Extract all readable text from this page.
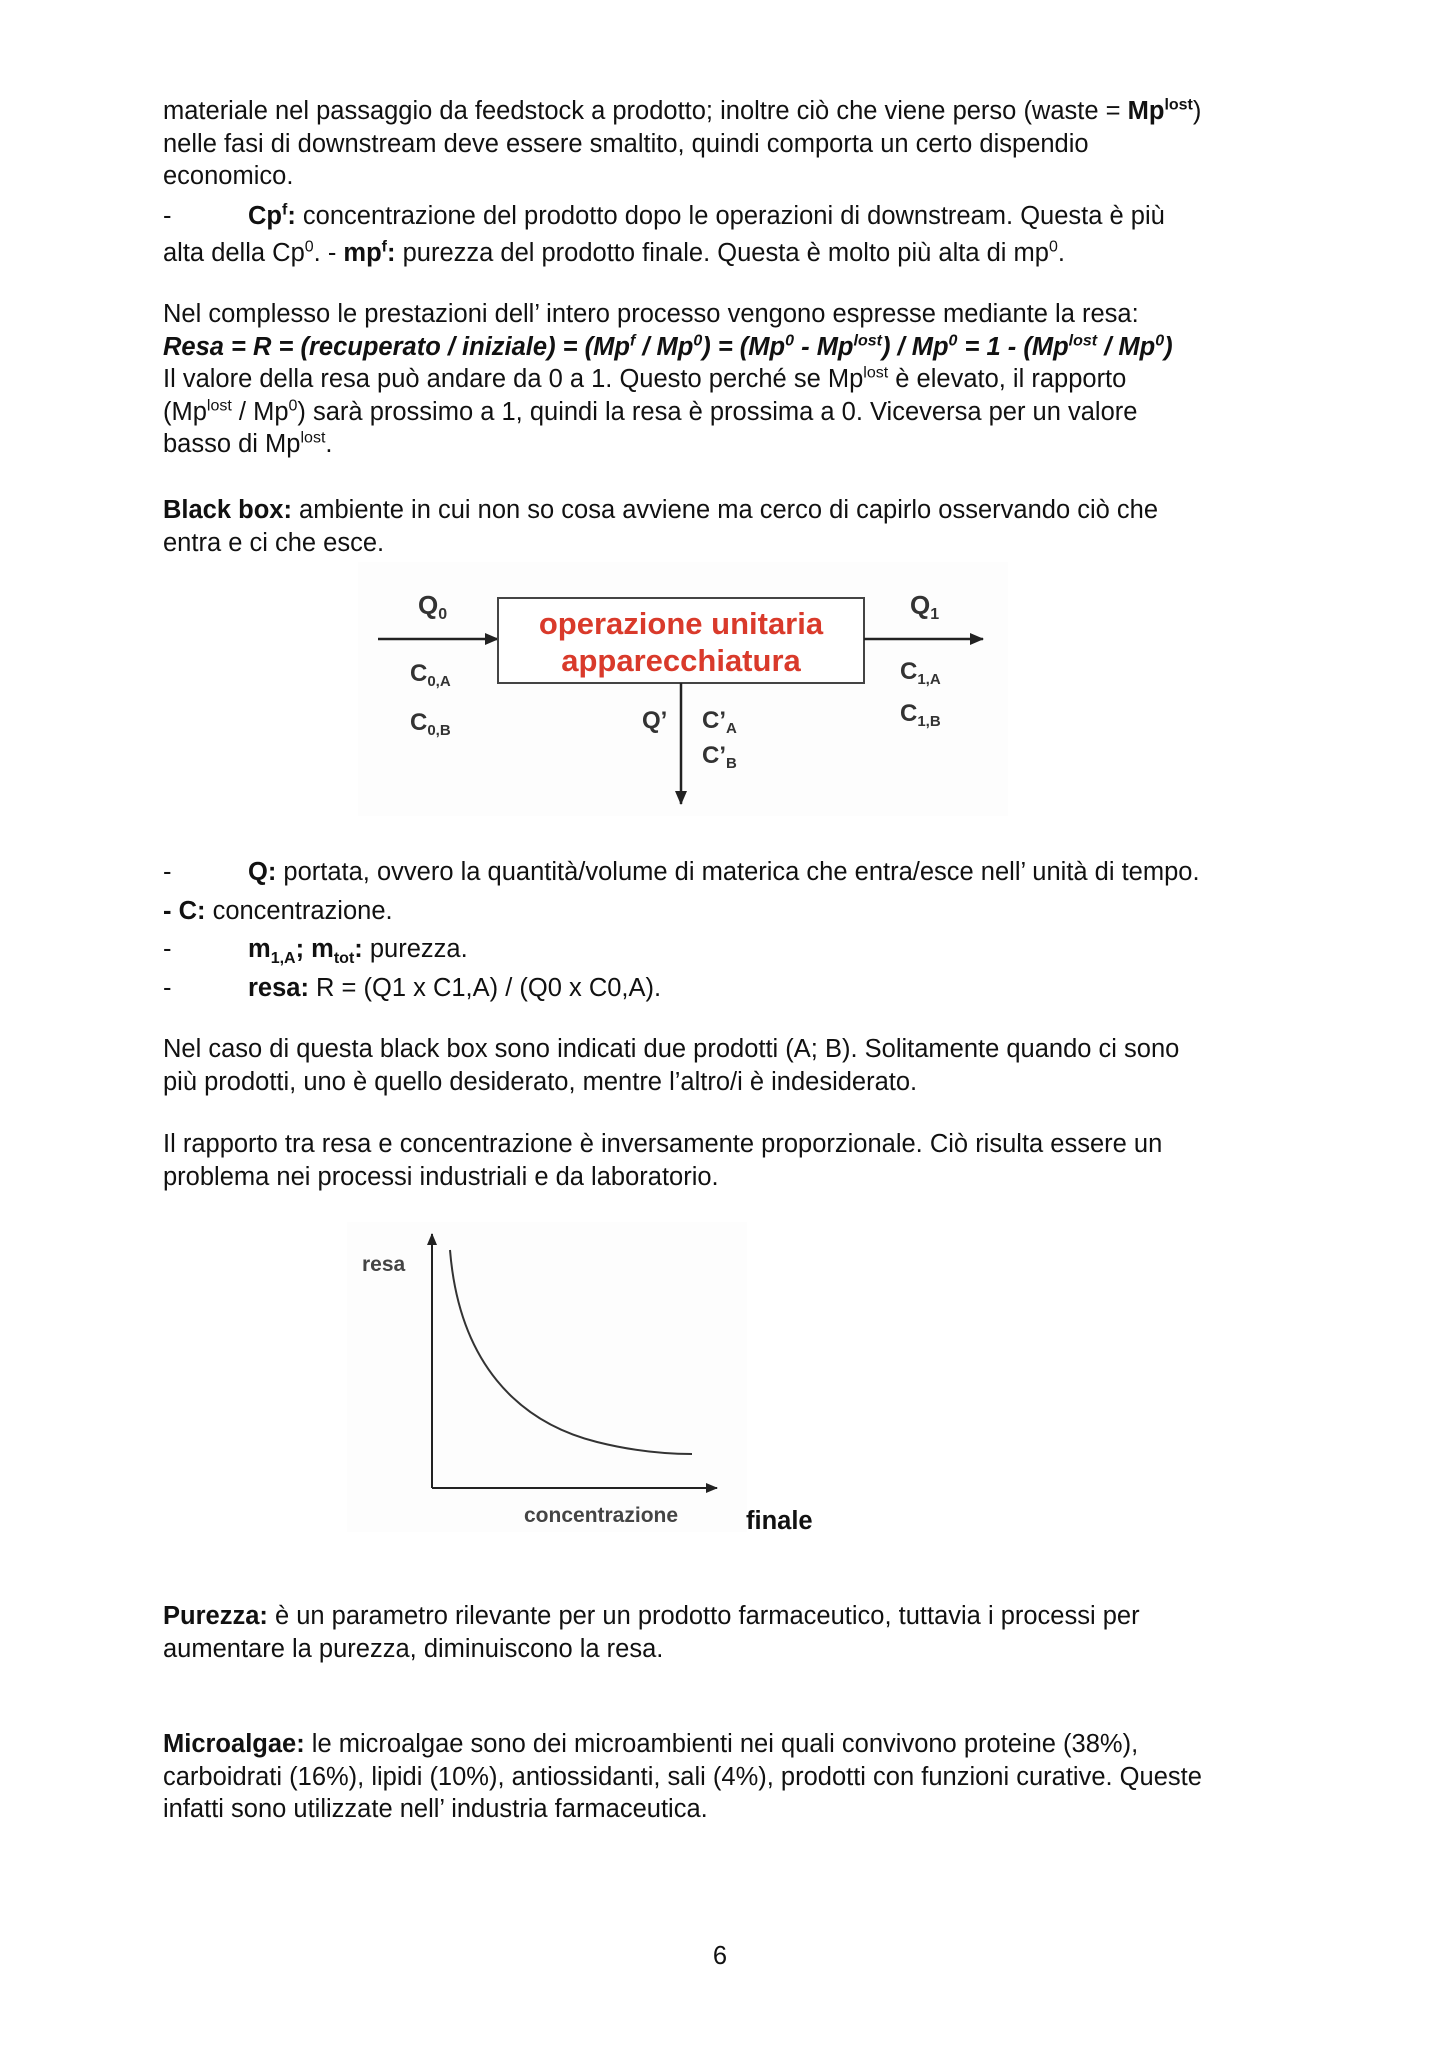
materiale nel passaggio da feedstock a prodotto; inoltre ciò che viene perso (waste = $Mp^{lost}$)
nelle fasi di downstream deve essere smaltito, quindi comporta un certo dispendio
economico.
-	Cp$^f$: concentrazione del prodotto dopo le operazioni di downstream. Questa è più
alta della Cp$^0$. - $mp^f$: purezza del prodotto finale. Questa è molto più alta di $mp^0$.
Nel complesso le prestazioni dell’ intero processo vengono espresse mediante la resa:
Resa = R = (recuperato / iniziale) = $(Mp^f / Mp^0) = (Mp^0 - Mp^{lost}) / Mp^0 = 1 - (Mp^{lost} / Mp^0)$
Il valore della resa può andare da 0 a 1. Questo perché se $Mp^{lost}$ è elevato, il rapporto
$(Mp^{lost} / Mp^0)$ sarà prossimo a 1, quindi la resa è prossima a 0. Viceversa per un valore
basso di $Mp^{lost}$.
Black box: ambiente in cui non so cosa avviene ma cerco di capirlo osservando ciò che
entra e ci che esce.
operazione unitaria
apparecchiatura
Q0
$C_{0,A}$
$C_{0,B}$
Q1
$C_{1,A}$
$C_{1,B}$
Q’ $C’_A$
$C’_B$
-	Q: portata, ovvero la quantità/volume di materica che entra/esce nell’ unità di tempo.
- C: concentrazione.
-	$m_{1,A}$; $m_{tot}$: purezza.
-	resa: R = (Q1 x C1,A) / (Q0 x C0,A).
Nel caso di questa black box sono indicati due prodotti (A; B). Solitamente quando ci sono
più prodotti, uno è quello desiderato, mentre l’altro/i è indesiderato.
Il rapporto tra resa e concentrazione è inversamente proporzionale. Ciò risulta essere un
problema nei processi industriali e da laboratorio.
resa
concentrazione	finale
Purezza: è un parametro rilevante per un prodotto farmaceutico, tuttavia i processi per
aumentare la purezza, diminuiscono la resa.
Microalgae: le microalgae sono dei microambienti nei quali convivono proteine (38%),
carboidrati (16%), lipidi (10%), antiossidanti, sali (4%), prodotti con funzioni curative. Queste
infatti sono utilizzate nell’ industria farmaceutica.
6
